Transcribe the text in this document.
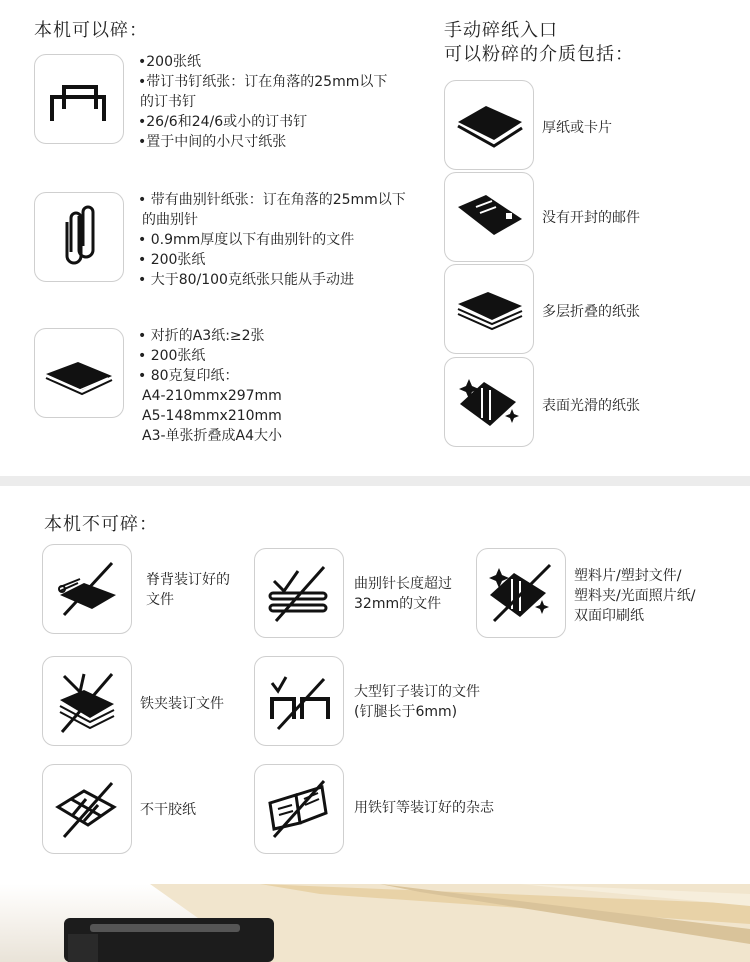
本机可以碎：
•200张纸
•带订书钉纸张：订在角落的25mm以下
的订书钉
•26/6和24/6或小的订书钉
•置于中间的小尺寸纸张
• 带有曲别针纸张：订在角落的25mm以下
的曲别针
• 0.9mm厚度以下有曲别针的文件
• 200张纸
• 大于80/100克纸张只能从手动进
• 对折的A3纸:≥2张
• 200张纸
• 80克复印纸：
A4-210mmx297mm
A5-148mmx210mm
A3-单张折叠成A4大小
手动碎纸入口
可以粉碎的介质包括：
厚纸或卡片
没有开封的邮件
多层折叠的纸张
表面光滑的纸张
本机不可碎：
脊背装订好的
文件
曲别针长度超过
32mm的文件
塑料片/塑封文件/
塑料夹/光面照片纸/
双面印刷纸
铁夹装订文件
大型钉子装订的文件
(钉腿长于6mm)
不干胶纸	用铁钉等装订好的杂志
